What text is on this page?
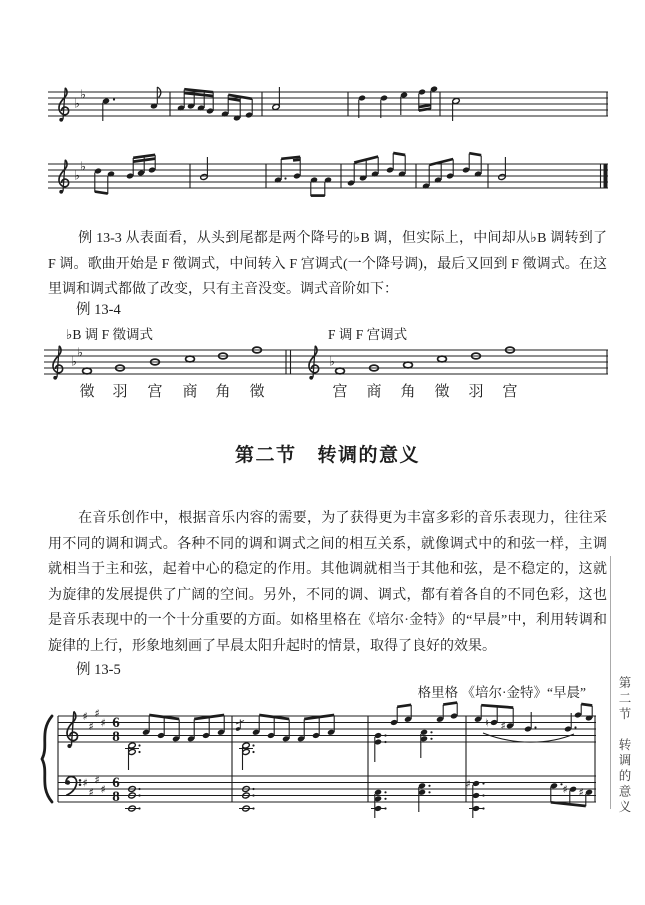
♭
♭
♭
♭
例 13-3 从表面看，从头到尾都是两个降号的♭B 调，但实际上，中间却从♭B 调转到了 F 调。歌曲开始是 F 徵调式，中间转入 F 宫调式(一个降号调)，最后又回到 F 徵调式。在这里调和调式都做了改变，只有主音没变。调式音阶如下：
例 13-4
♭B 调 F 徵调式	F 调 F 宫调式
♭
♭
♭
徵 羽 宫 商 角 徵	宫 商 角 徵 羽 宫
第二节 转调的意义
在音乐创作中，根据音乐内容的需要，为了获得更为丰富多彩的音乐表现力，往往采用不同的调和调式。各种不同的调和调式之间的相互关系，就像调式中的和弦一样，主调就相当于主和弦，起着中心的稳定的作用。其他调就相当于其他和弦，是不稳定的，这就为旋律的发展提供了广阔的空间。另外，不同的调、调式，都有着各自的不同色彩，这也是音乐表现中的一个十分重要的方面。如格里格在《培尔·金特》的“早晨”中，利用转调和旋律的上行，形象地刻画了早晨太阳升起时的情景，取得了良好的效果。
例 13-5
格里格 《培尔·金特》“早晨”
♯
♯
♯
♯
♯
♯
♯
♯
6
8
6
8
♮ ♯
♯	♯ ♯	第二节　转调的意义
